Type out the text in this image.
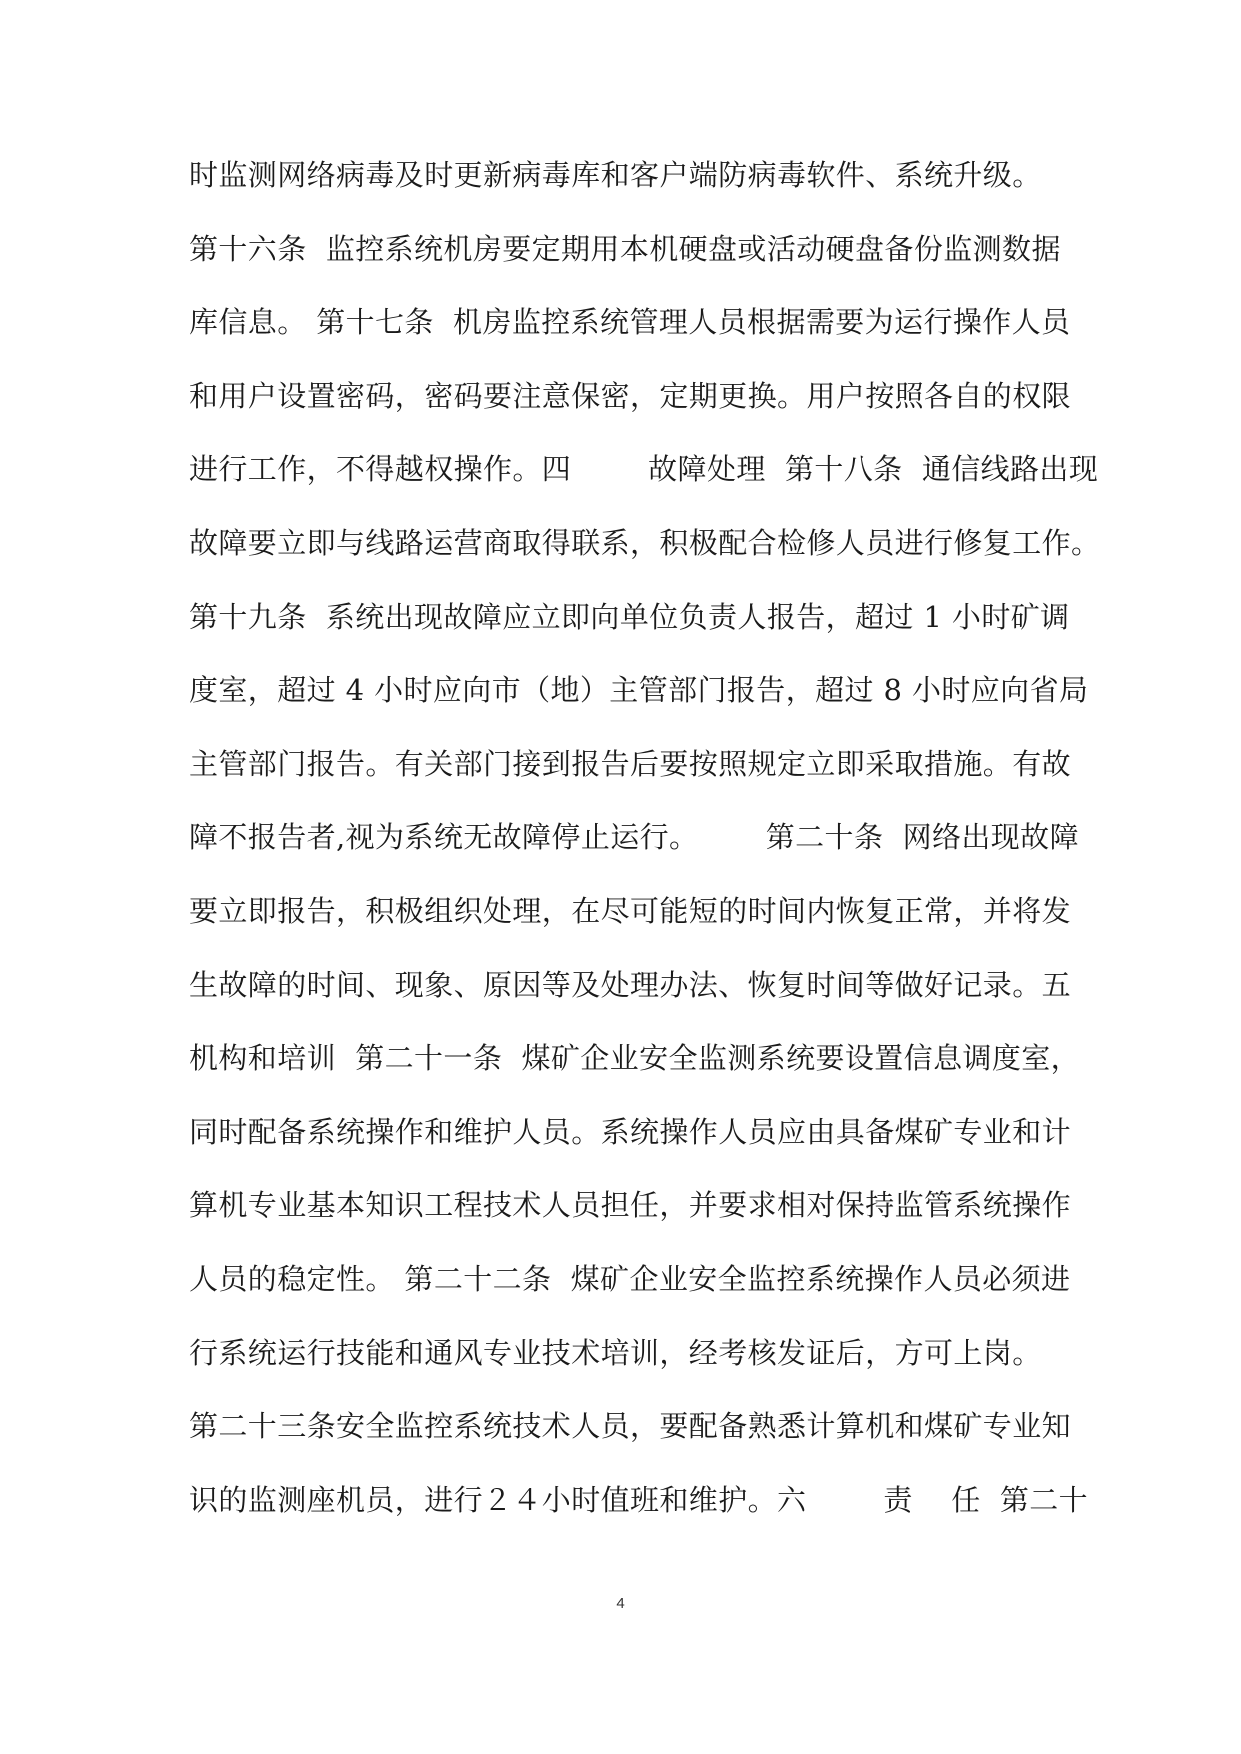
时监测网络病毒及时更新病毒库和客户端防病毒软件、系统升级。
第十六条  监控系统机房要定期用本机硬盘或活动硬盘备份监测数据
库信息。 第十七条  机房监控系统管理人员根据需要为运行操作人员
和用户设置密码，密码要注意保密，定期更换。用户按照各自的权限
进行工作，不得越权操作。四        故障处理  第十八条  通信线路出现
故障要立即与线路运营商取得联系，积极配合检修人员进行修复工作。
第十九条  系统出现故障应立即向单位负责人报告，超过 1 小时矿调
度室，超过 4 小时应向市（地）主管部门报告，超过 8 小时应向省局
主管部门报告。有关部门接到报告后要按照规定立即采取措施。有故
障不报告者,视为系统无故障停止运行。       第二十条  网络出现故障
要立即报告，积极组织处理，在尽可能短的时间内恢复正常，并将发
生故障的时间、现象、原因等及处理办法、恢复时间等做好记录。五
机构和培训  第二十一条  煤矿企业安全监测系统要设置信息调度室，
同时配备系统操作和维护人员。系统操作人员应由具备煤矿专业和计
算机专业基本知识工程技术人员担任，并要求相对保持监管系统操作
人员的稳定性。 第二十二条  煤矿企业安全监控系统操作人员必须进
行系统运行技能和通风专业技术培训，经考核发证后，方可上岗。
第二十三条安全监控系统技术人员，要配备熟悉计算机和煤矿专业知
识的监测座机员，进行２４小时值班和维护。六        责    任  第二十
4
